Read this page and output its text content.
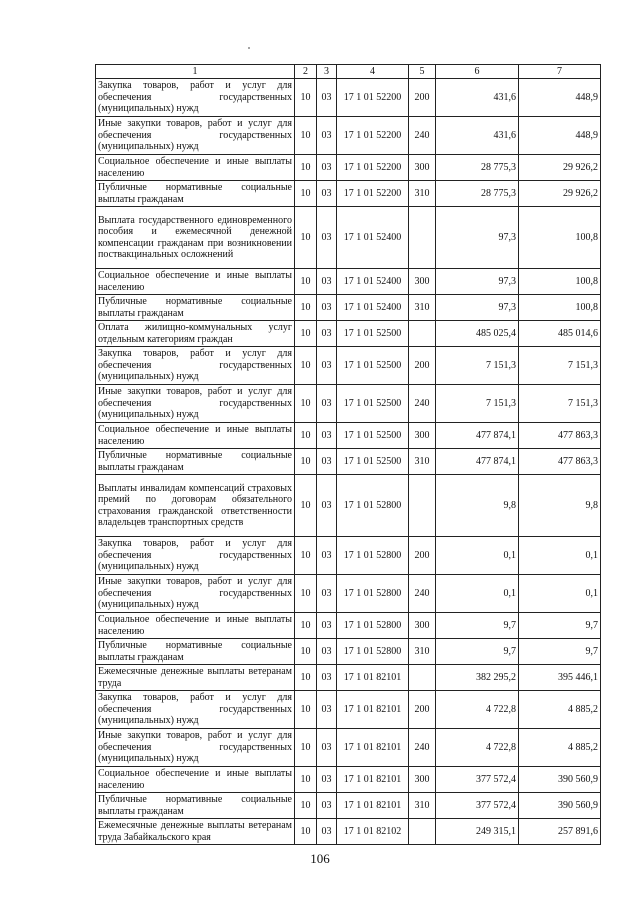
1	2	3	4	5	6	7
Закупка товаров, работ и услуг для обеспечения государственных (муниципальных) нужд	10	03	17 1 01 52200	200	431,6	448,9
Иные закупки товаров, работ и услуг для обеспечения государственных (муниципальных) нужд	10	03	17 1 01 52200	240	431,6	448,9
Социальное обеспечение и иные выплаты населению	10	03	17 1 01 52200	300	28 775,3	29 926,2
Публичные нормативные социальные выплаты гражданам	10	03	17 1 01 52200	310	28 775,3	29 926,2
Выплата государственного единовременного пособия и ежемесячной денежной компенсации гражданам при возникновении поствакцинальных осложнений	10	03	17 1 01 52400		97,3	100,8
Социальное обеспечение и иные выплаты населению	10	03	17 1 01 52400	300	97,3	100,8
Публичные нормативные социальные выплаты гражданам	10	03	17 1 01 52400	310	97,3	100,8
Оплата жилищно-коммунальных услуг отдельным категориям граждан	10	03	17 1 01 52500		485 025,4	485 014,6
Закупка товаров, работ и услуг для обеспечения государственных (муниципальных) нужд	10	03	17 1 01 52500	200	7 151,3	7 151,3
Иные закупки товаров, работ и услуг для обеспечения государственных (муниципальных) нужд	10	03	17 1 01 52500	240	7 151,3	7 151,3
Социальное обеспечение и иные выплаты населению	10	03	17 1 01 52500	300	477 874,1	477 863,3
Публичные нормативные социальные выплаты гражданам	10	03	17 1 01 52500	310	477 874,1	477 863,3
Выплаты инвалидам компенсаций страховых премий по договорам обязательного страхования гражданской ответственности владельцев транспортных средств	10	03	17 1 01 52800		9,8	9,8
Закупка товаров, работ и услуг для обеспечения государственных (муниципальных) нужд	10	03	17 1 01 52800	200	0,1	0,1
Иные закупки товаров, работ и услуг для обеспечения государственных (муниципальных) нужд	10	03	17 1 01 52800	240	0,1	0,1
Социальное обеспечение и иные выплаты населению	10	03	17 1 01 52800	300	9,7	9,7
Публичные нормативные социальные выплаты гражданам	10	03	17 1 01 52800	310	9,7	9,7
Ежемесячные денежные выплаты ветеранам труда	10	03	17 1 01 82101		382 295,2	395 446,1
Закупка товаров, работ и услуг для обеспечения государственных (муниципальных) нужд	10	03	17 1 01 82101	200	4 722,8	4 885,2
Иные закупки товаров, работ и услуг для обеспечения государственных (муниципальных) нужд	10	03	17 1 01 82101	240	4 722,8	4 885,2
Социальное обеспечение и иные выплаты населению	10	03	17 1 01 82101	300	377 572,4	390 560,9
Публичные нормативные социальные выплаты гражданам	10	03	17 1 01 82101	310	377 572,4	390 560,9
Ежемесячные денежные выплаты ветеранам труда Забайкальского края	10	03	17 1 01 82102		249 315,1	257 891,6
106
